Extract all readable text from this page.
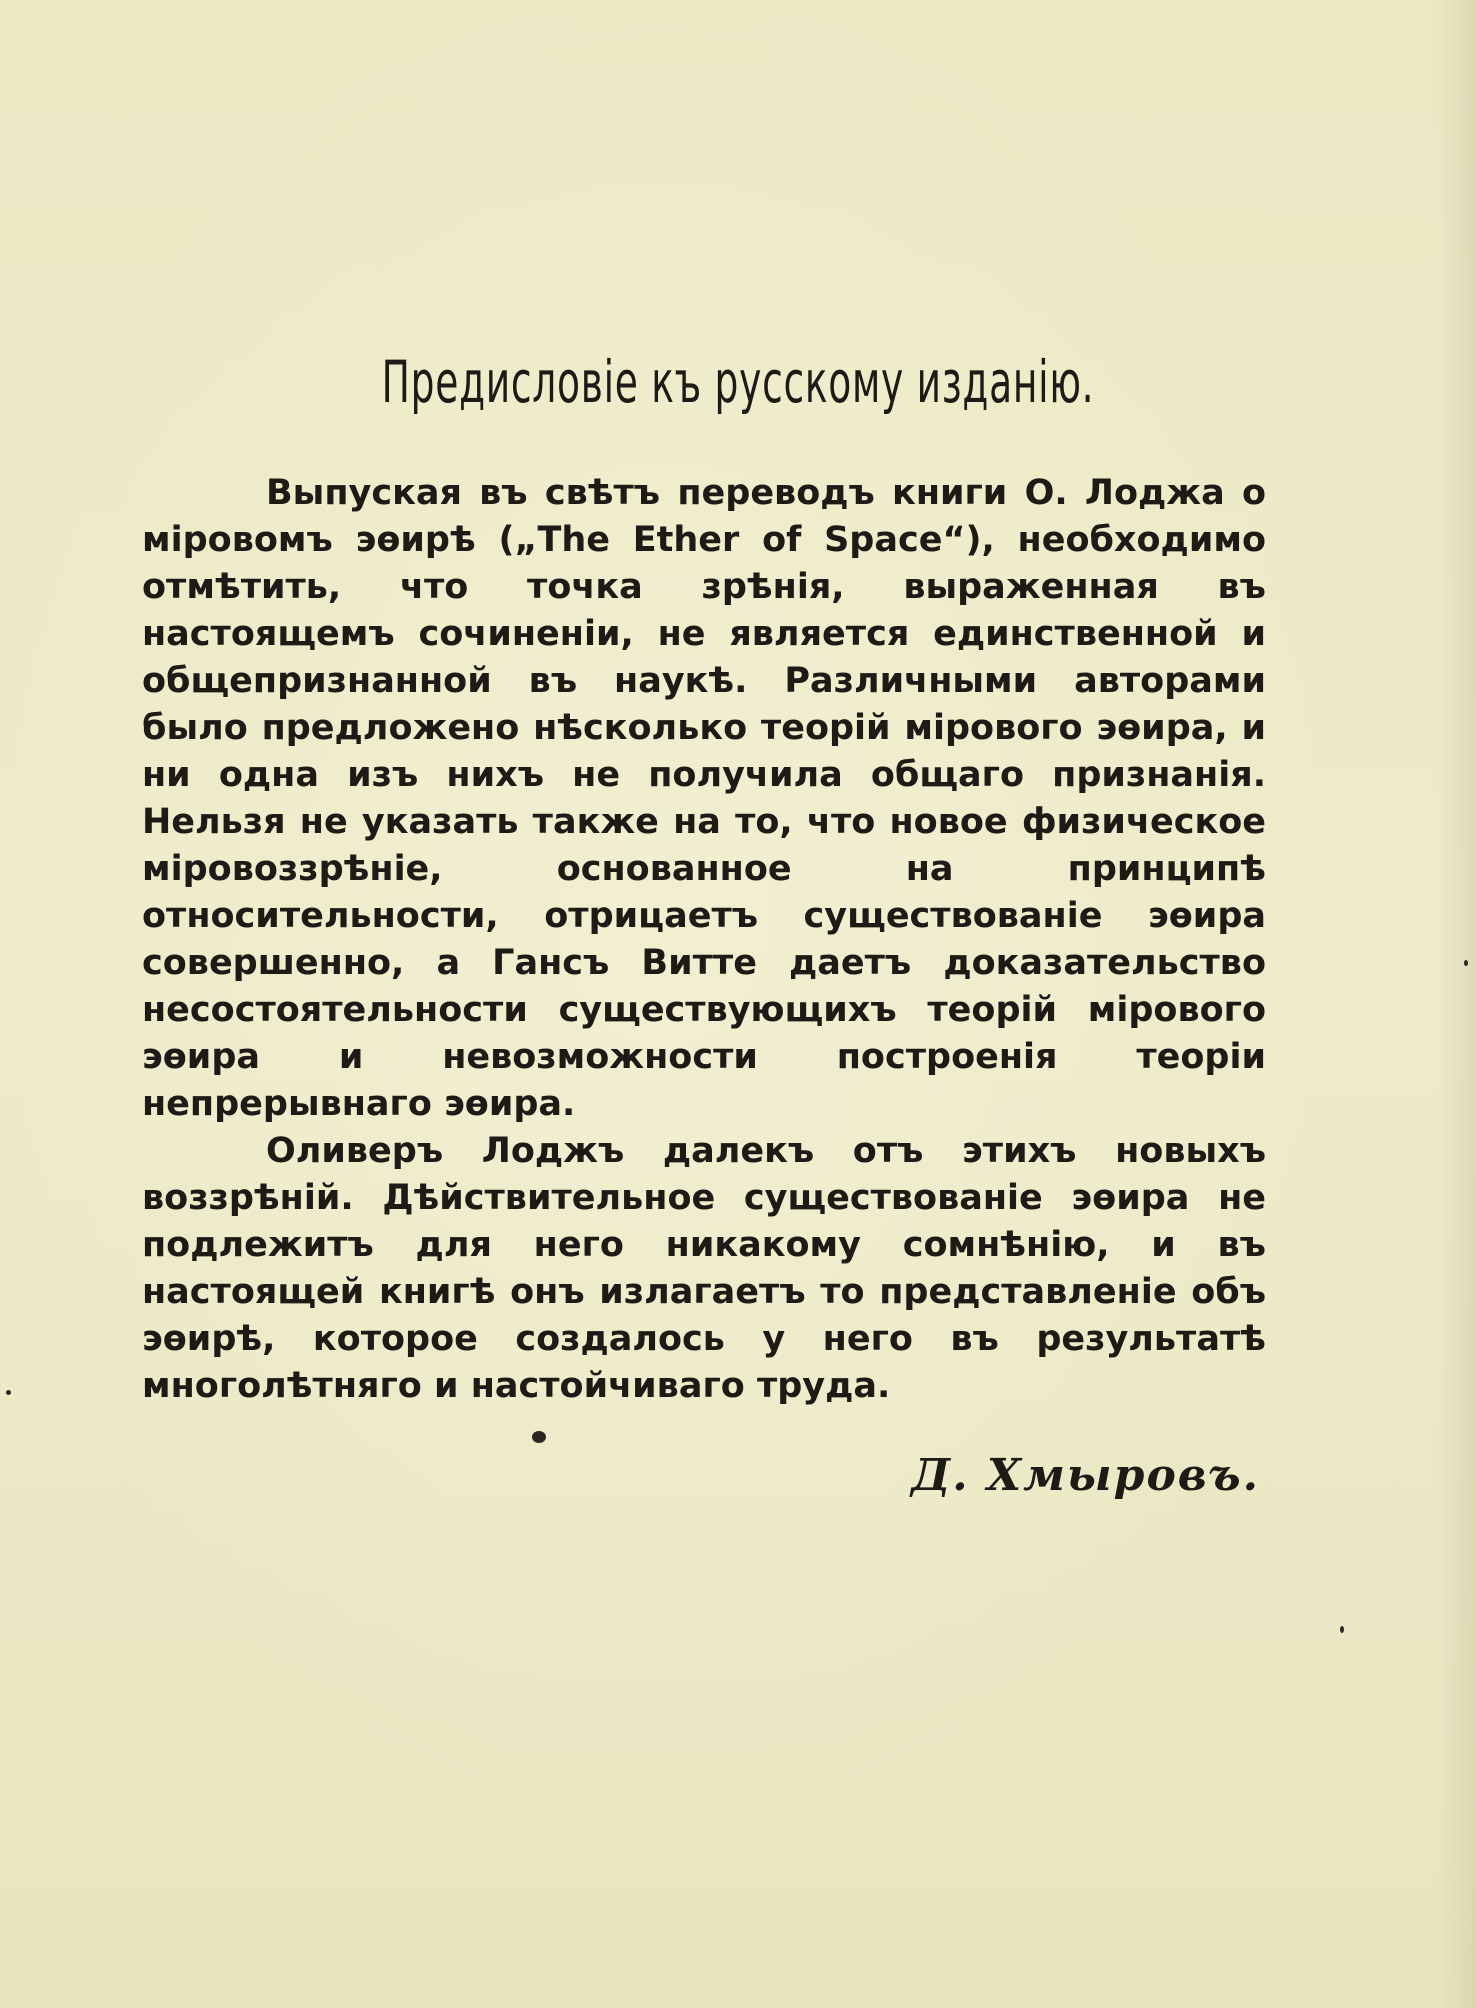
Предисловіе къ русскому изданію.

Выпуская въ свѣтъ переводъ книги О. Лоджа о мiровомъ эѳирѣ („The Ether of Space“), необходимо отмѣтить, что точка зрѣнія, выраженная въ настоящемъ сочиненіи, не является единственной и общепризнанной въ наукѣ. Различными авторами было предложено нѣсколько теорій мірового эѳира, и ни одна изъ нихъ не получила общаго признанія. Нельзя не указать также на то, что новое физическое міровоззрѣніе, основанное на принципѣ относительности, отрицаетъ существованіе эѳира совершенно, а Гансъ Витте даетъ доказательство несостоятельности существующихъ теорій мірового эѳира и невозможности построенія теоріи непрерывнаго эѳира.

Оливеръ Лоджъ далекъ отъ этихъ новыхъ воззрѣній. Дѣйствительное существованіе эѳира не подлежитъ для него никакому сомнѣнію, и въ настоящей книгѣ онъ излагаетъ то представленіе объ эѳирѣ, которое создалось у него въ результатѣ многолѣтняго и настойчиваго труда.

Д. Хмыровъ.
